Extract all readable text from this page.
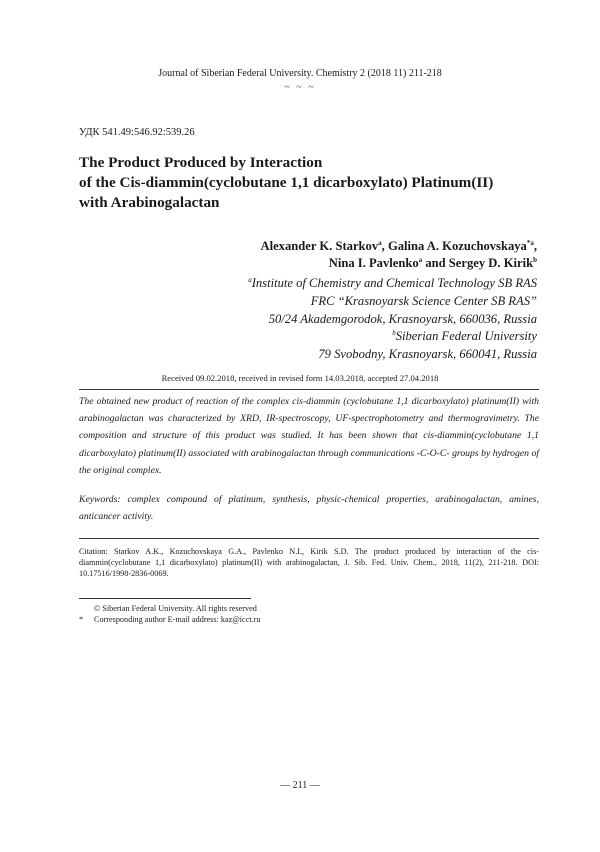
Journal of Siberian Federal University. Chemistry 2 (2018 11) 211-218
~ ~ ~
УДК 541.49:546.92:539.26
The Product Produced by Interaction
of the Cis-diammin(cyclobutane 1,1 dicarboxylato) Platinum(II)
with Arabinogalactan
Alexander K. Starkov$^a$, Galina A. Kozuchovskaya$^{*a}$,
Nina I. Pavlenko$^a$ and Sergey D. Kirik$^b$
$^a$Institute of Chemistry and Chemical Technology SB RAS
FRC “Krasnoyarsk Science Center SB RAS”
50/24 Akademgorodok, Krasnoyarsk, 660036, Russia
$^b$Siberian Federal University
79 Svobodny, Krasnoyarsk, 660041, Russia
Received 09.02.2018, received in revised form 14.03.2018, accepted 27.04.2018
The obtained new product of reaction of the complex cis-diammin (cyclobutane 1,1 dicarboxylato) platinum(II) with arabinogalactan was characterized by XRD, IR-spectroscopy, UF-spectrophotometry and thermogravimetry. The composition and structure of this product was studied. It has been shown that cis-diammin(cyclobutane 1,1 dicarboxylato) platinum(II) associated with arabinogalactan through communications -C-O-C- groups by hydrogen of the original complex.
Keywords: complex compound of platinum, synthesis, physic-chemical properties, arabinogalactan, amines, anticancer activity.
Citation: Starkov A.K., Kozuchovskaya G.A., Pavlenko N.I., Kirik S.D. The product produced by interaction of the cis-diammin(cyclobutane 1,1 dicarboxylato) platinum(II) with arabinogalactan, J. Sib. Fed. Univ. Chem., 2018, 11(2), 211-218. DOI: 10.17516/1998-2836-0069.
© Siberian Federal University. All rights reserved
* Corresponding author E-mail address: kaz@icct.ru
— 211 —
